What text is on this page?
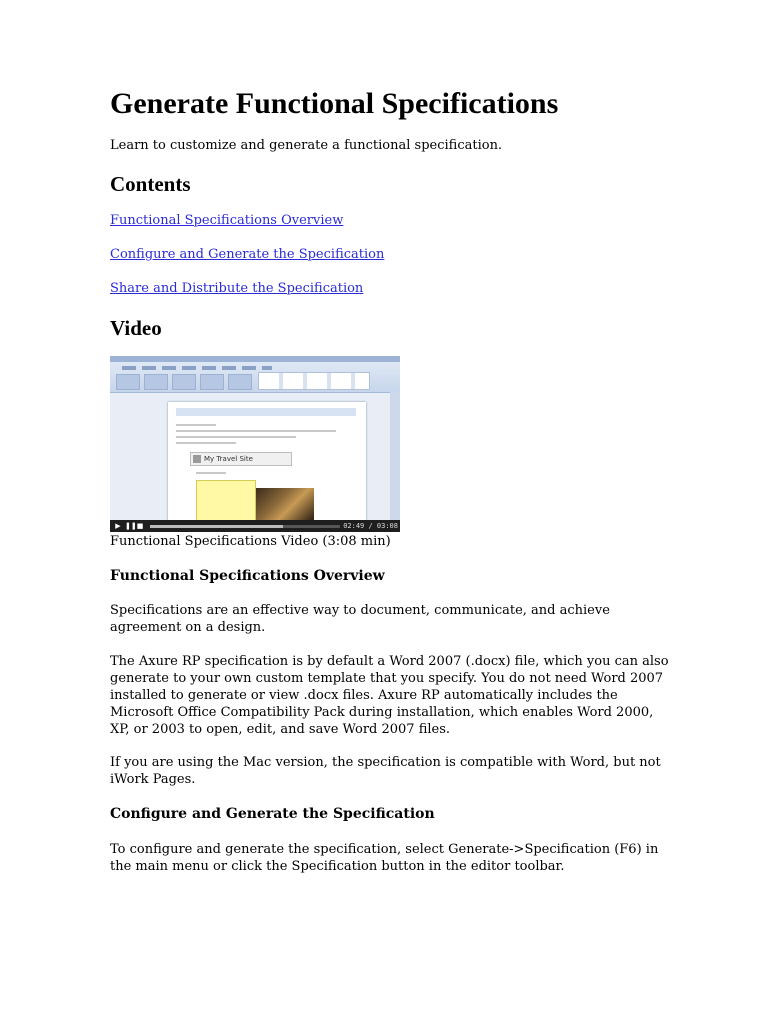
Generate Functional Specifications

Learn to customize and generate a functional specification.

Contents
Functional Specifications Overview
Configure and Generate the Specification
Share and Distribute the Specification
Video
My Travel Site
▶ ❚❚ ■	02:49 / 03:08

Functional Specifications Video (3:08 min)

Functional Specifications Overview

Specifications are an effective way to document, communicate, and achieve agreement on a design.

The Axure RP specification is by default a Word 2007 (.docx) file, which you can also generate to your own custom template that you specify. You do not need Word 2007 installed to generate or view .docx files. Axure RP automatically includes the Microsoft Office Compatibility Pack during installation, which enables Word 2000, XP, or 2003 to open, edit, and save Word 2007 files.

If you are using the Mac version, the specification is compatible with Word, but not iWork Pages.

Configure and Generate the Specification

To configure and generate the specification, select Generate->Specification (F6) in the main menu or click the Specification button in the editor toolbar.
